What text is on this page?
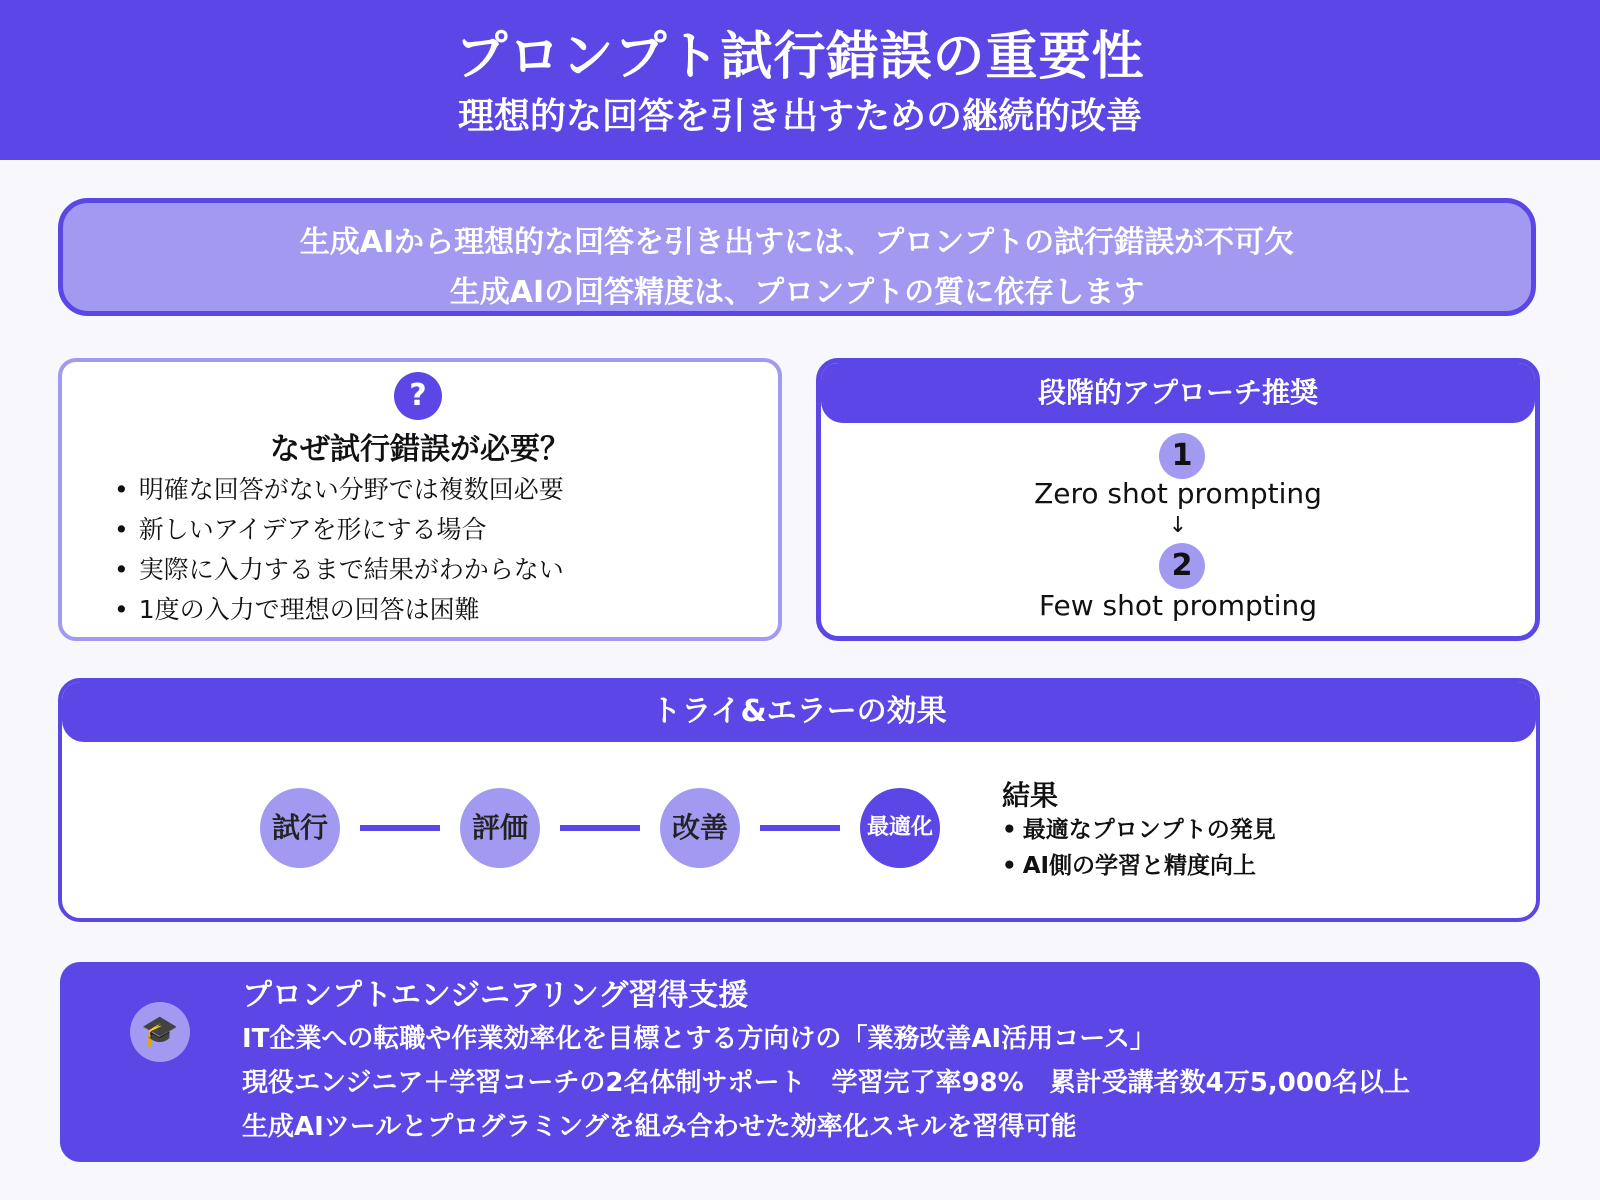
プロンプト試行錯誤の重要性
理想的な回答を引き出すための継続的改善
生成AIから理想的な回答を引き出すには、プロンプトの試行錯誤が不可欠
生成AIの回答精度は、プロンプトの質に依存します
?
なぜ試行錯誤が必要？
• 明確な回答がない分野では複数回必要
• 新しいアイデアを形にする場合
• 実際に入力するまで結果がわからない
• 1度の入力で理想の回答は困難
段階的アプローチ推奨
1
Zero shot prompting
↓
2
Few shot prompting
トライ&エラーの効果
試行	評価	改善	最適化
結果
• 最適なプロンプトの発見
• AI側の学習と精度向上
🎓
プロンプトエンジニアリング習得支援
IT企業への転職や作業効率化を目標とする方向けの「業務改善AI活用コース」
現役エンジニア＋学習コーチの2名体制サポート　学習完了率98%　累計受講者数4万5,000名以上
生成AIツールとプログラミングを組み合わせた効率化スキルを習得可能
